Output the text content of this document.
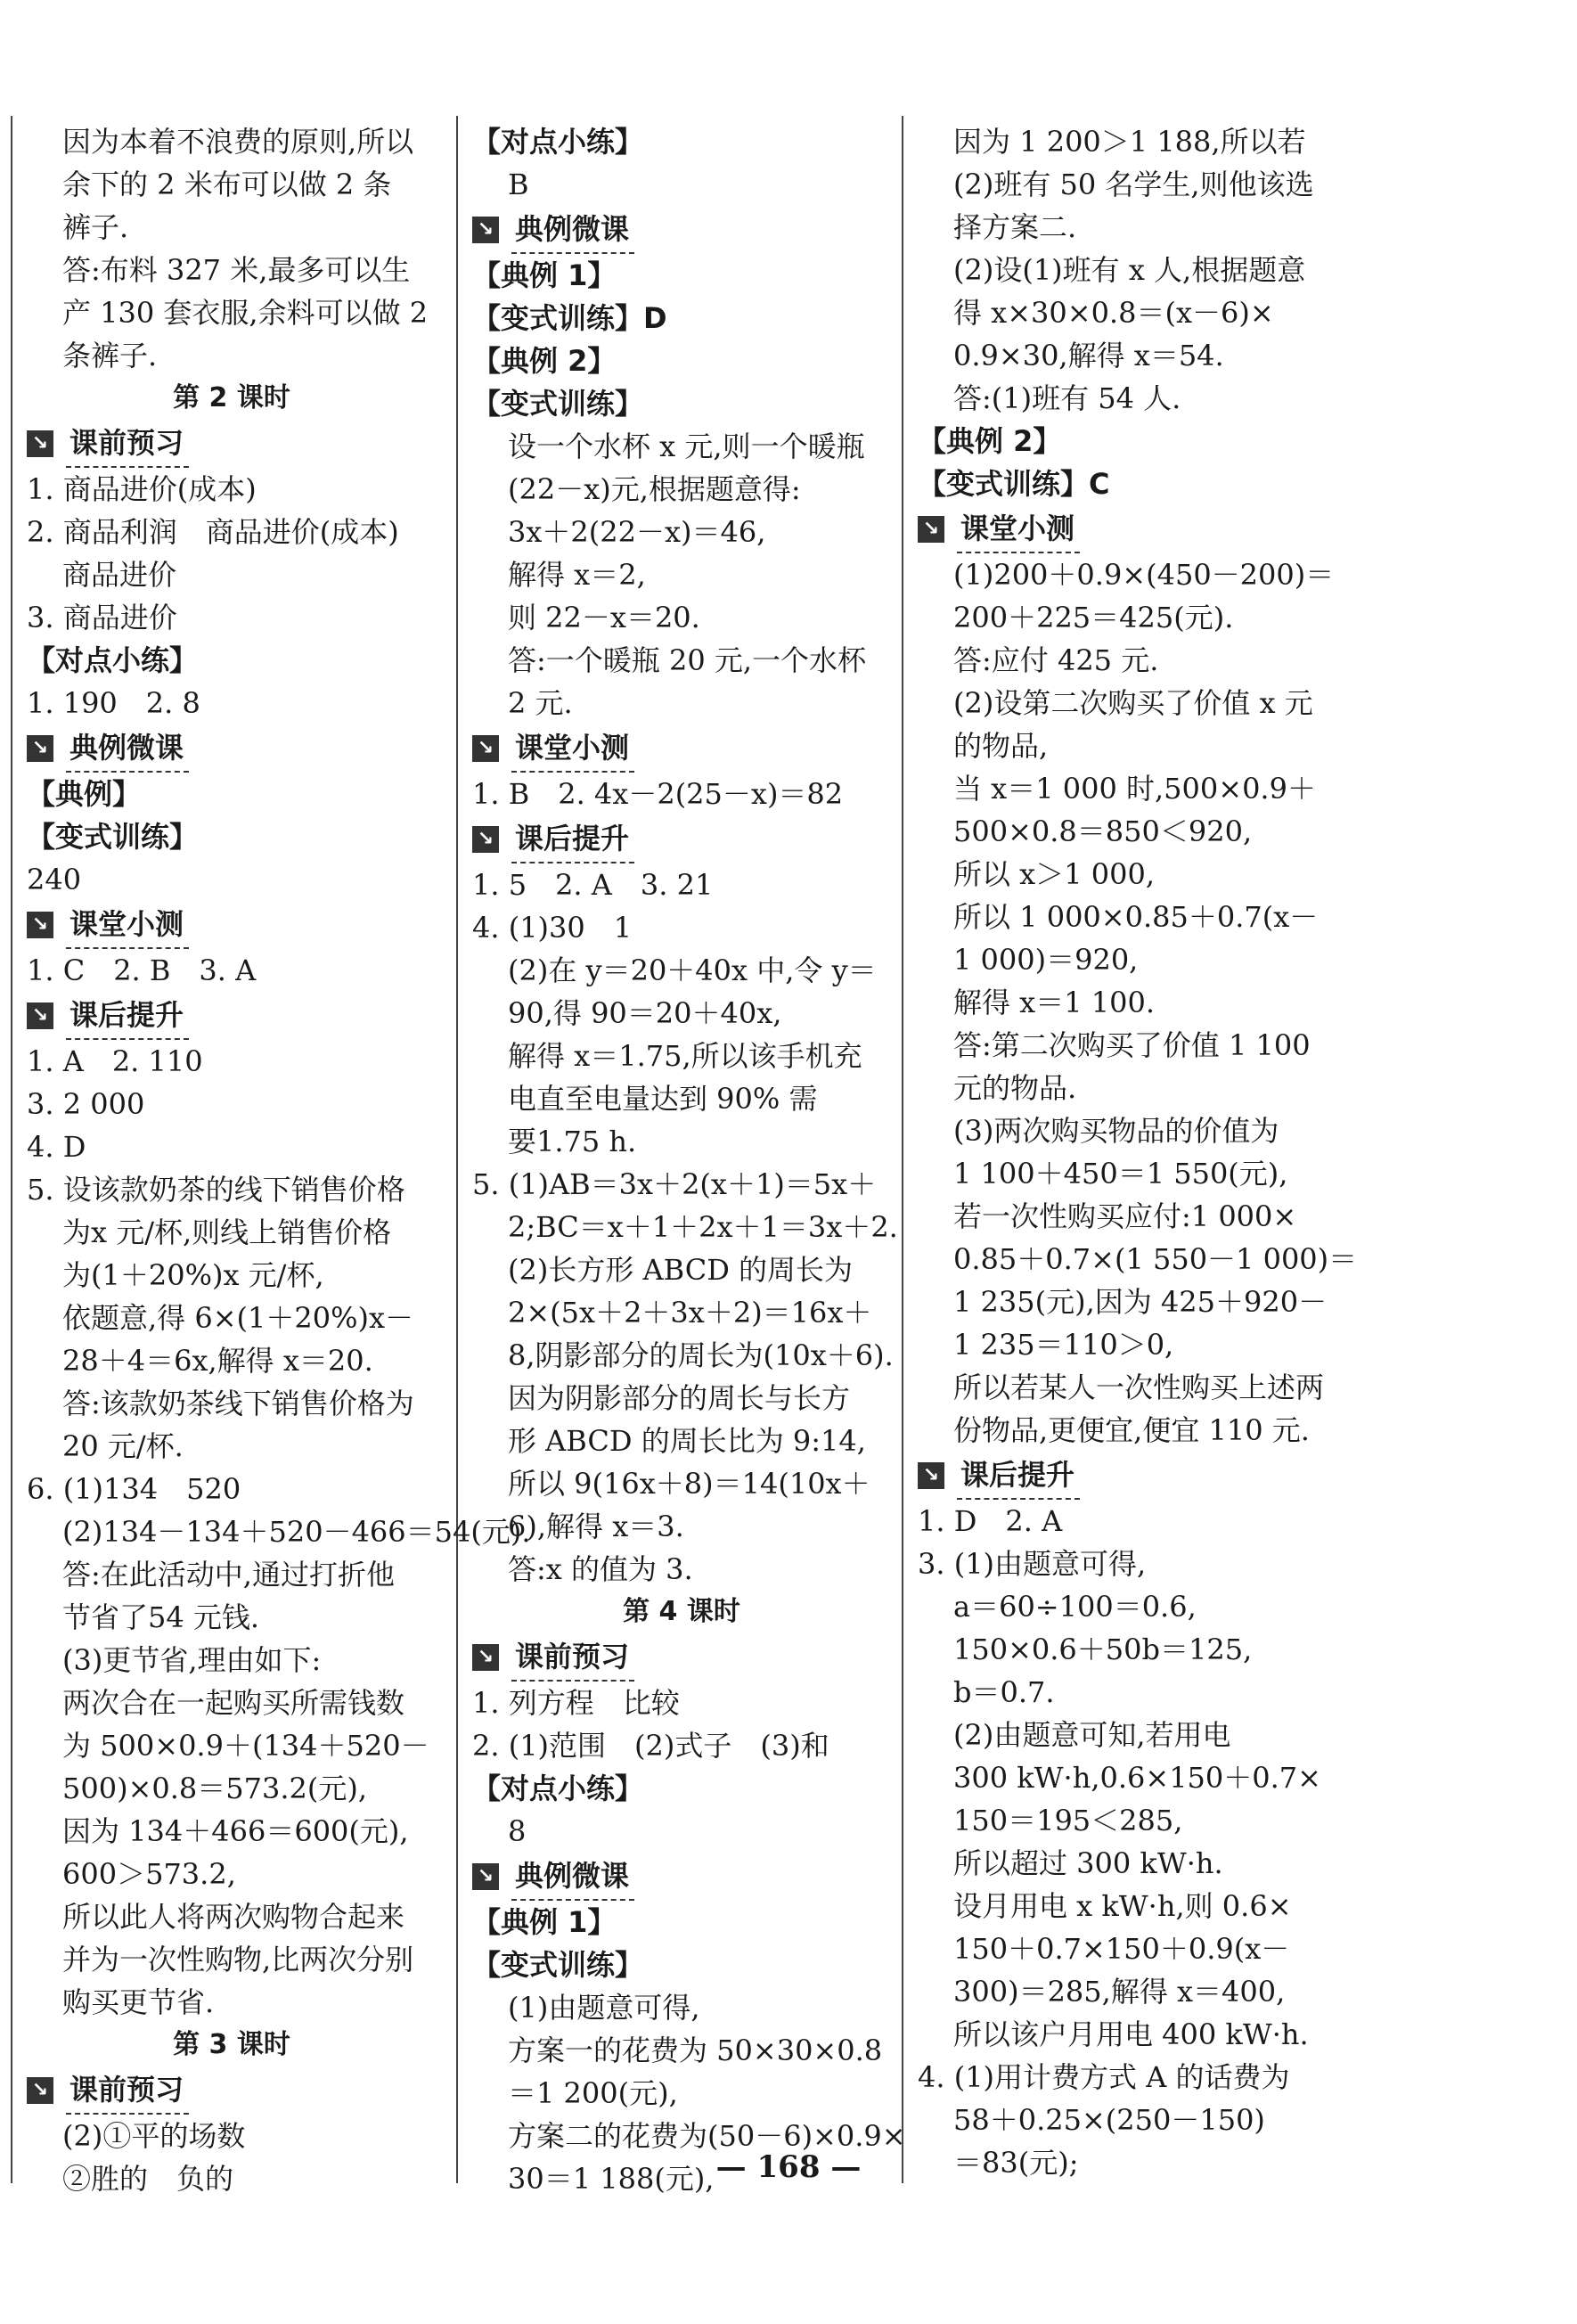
因为本着不浪费的原则,所以
余下的 2 米布可以做 2 条
裤子.
答:布料 327 米,最多可以生
产 130 套衣服,余料可以做 2
条裤子.
第 2 课时
↘ 课前预习
1. 商品进价(成本)
2. 商品利润　商品进价(成本)
商品进价
3. 商品进价
【对点小练】
1. 190　2. 8
↘ 典例微课
【典例】
【变式训练】
240
↘ 课堂小测
1. C　2. B　3. A
↘ 课后提升
1. A　2. 110
3. 2 000
4. D
5. 设该款奶茶的线下销售价格
为x 元/杯,则线上销售价格
为(1＋20%)x 元/杯,
依题意,得 6×(1＋20%)x－
28＋4＝6x,解得 x＝20.
答:该款奶茶线下销售价格为
20 元/杯.
6. (1)134　520
(2)134－134＋520－466＝54(元).
答:在此活动中,通过打折他
节省了54 元钱.
(3)更节省,理由如下:
两次合在一起购买所需钱数
为 500×0.9＋(134＋520－
500)×0.8＝573.2(元),
因为 134＋466＝600(元),
600＞573.2,
所以此人将两次购物合起来
并为一次性购物,比两次分别
购买更节省.
第 3 课时
↘ 课前预习
(2)①平的场数
②胜的　负的
【对点小练】
B
↘ 典例微课
【典例 1】
【变式训练】D
【典例 2】
【变式训练】
设一个水杯 x 元,则一个暖瓶
(22－x)元,根据题意得:
3x＋2(22－x)＝46,
解得 x＝2,
则 22－x＝20.
答:一个暖瓶 20 元,一个水杯
2 元.
↘ 课堂小测
1. B　2. 4x－2(25－x)＝82
↘ 课后提升
1. 5　2. A　3. 21
4. (1)30　1
(2)在 y＝20＋40x 中,令 y＝
90,得 90＝20＋40x,
解得 x＝1.75,所以该手机充
电直至电量达到 90% 需
要1.75 h.
5. (1)AB＝3x＋2(x＋1)＝5x＋
2;BC＝x＋1＋2x＋1＝3x＋2.
(2)长方形 ABCD 的周长为
2×(5x＋2＋3x＋2)＝16x＋
8,阴影部分的周长为(10x＋6).
因为阴影部分的周长与长方
形 ABCD 的周长比为 9:14,
所以 9(16x＋8)＝14(10x＋
6),解得 x＝3.
答:x 的值为 3.
第 4 课时
↘ 课前预习
1. 列方程　比较
2. (1)范围　(2)式子　(3)和
【对点小练】
8
↘ 典例微课
【典例 1】
【变式训练】
(1)由题意可得,
方案一的花费为 50×30×0.8
＝1 200(元),
方案二的花费为(50－6)×0.9×
30＝1 188(元),
因为 1 200＞1 188,所以若
(2)班有 50 名学生,则他该选
择方案二.
(2)设(1)班有 x 人,根据题意
得 x×30×0.8＝(x－6)×
0.9×30,解得 x＝54.
答:(1)班有 54 人.
【典例 2】
【变式训练】C
↘ 课堂小测
(1)200＋0.9×(450－200)＝
200＋225＝425(元).
答:应付 425 元.
(2)设第二次购买了价值 x 元
的物品,
当 x＝1 000 时,500×0.9＋
500×0.8＝850＜920,
所以 x＞1 000,
所以 1 000×0.85＋0.7(x－
1 000)＝920,
解得 x＝1 100.
答:第二次购买了价值 1 100
元的物品.
(3)两次购买物品的价值为
1 100＋450＝1 550(元),
若一次性购买应付:1 000×
0.85＋0.7×(1 550－1 000)＝
1 235(元),因为 425＋920－
1 235＝110＞0,
所以若某人一次性购买上述两
份物品,更便宜,便宜 110 元.
↘ 课后提升
1. D　2. A
3. (1)由题意可得,
a＝60÷100＝0.6,
150×0.6＋50b＝125,
b＝0.7.
(2)由题意可知,若用电
300 kW·h,0.6×150＋0.7×
150＝195＜285,
所以超过 300 kW·h.
设月用电 x kW·h,则 0.6×
150＋0.7×150＋0.9(x－
300)＝285,解得 x＝400,
所以该户月用电 400 kW·h.
4. (1)用计费方式 A 的话费为
58＋0.25×(250－150)
＝83(元);
— 168 —
